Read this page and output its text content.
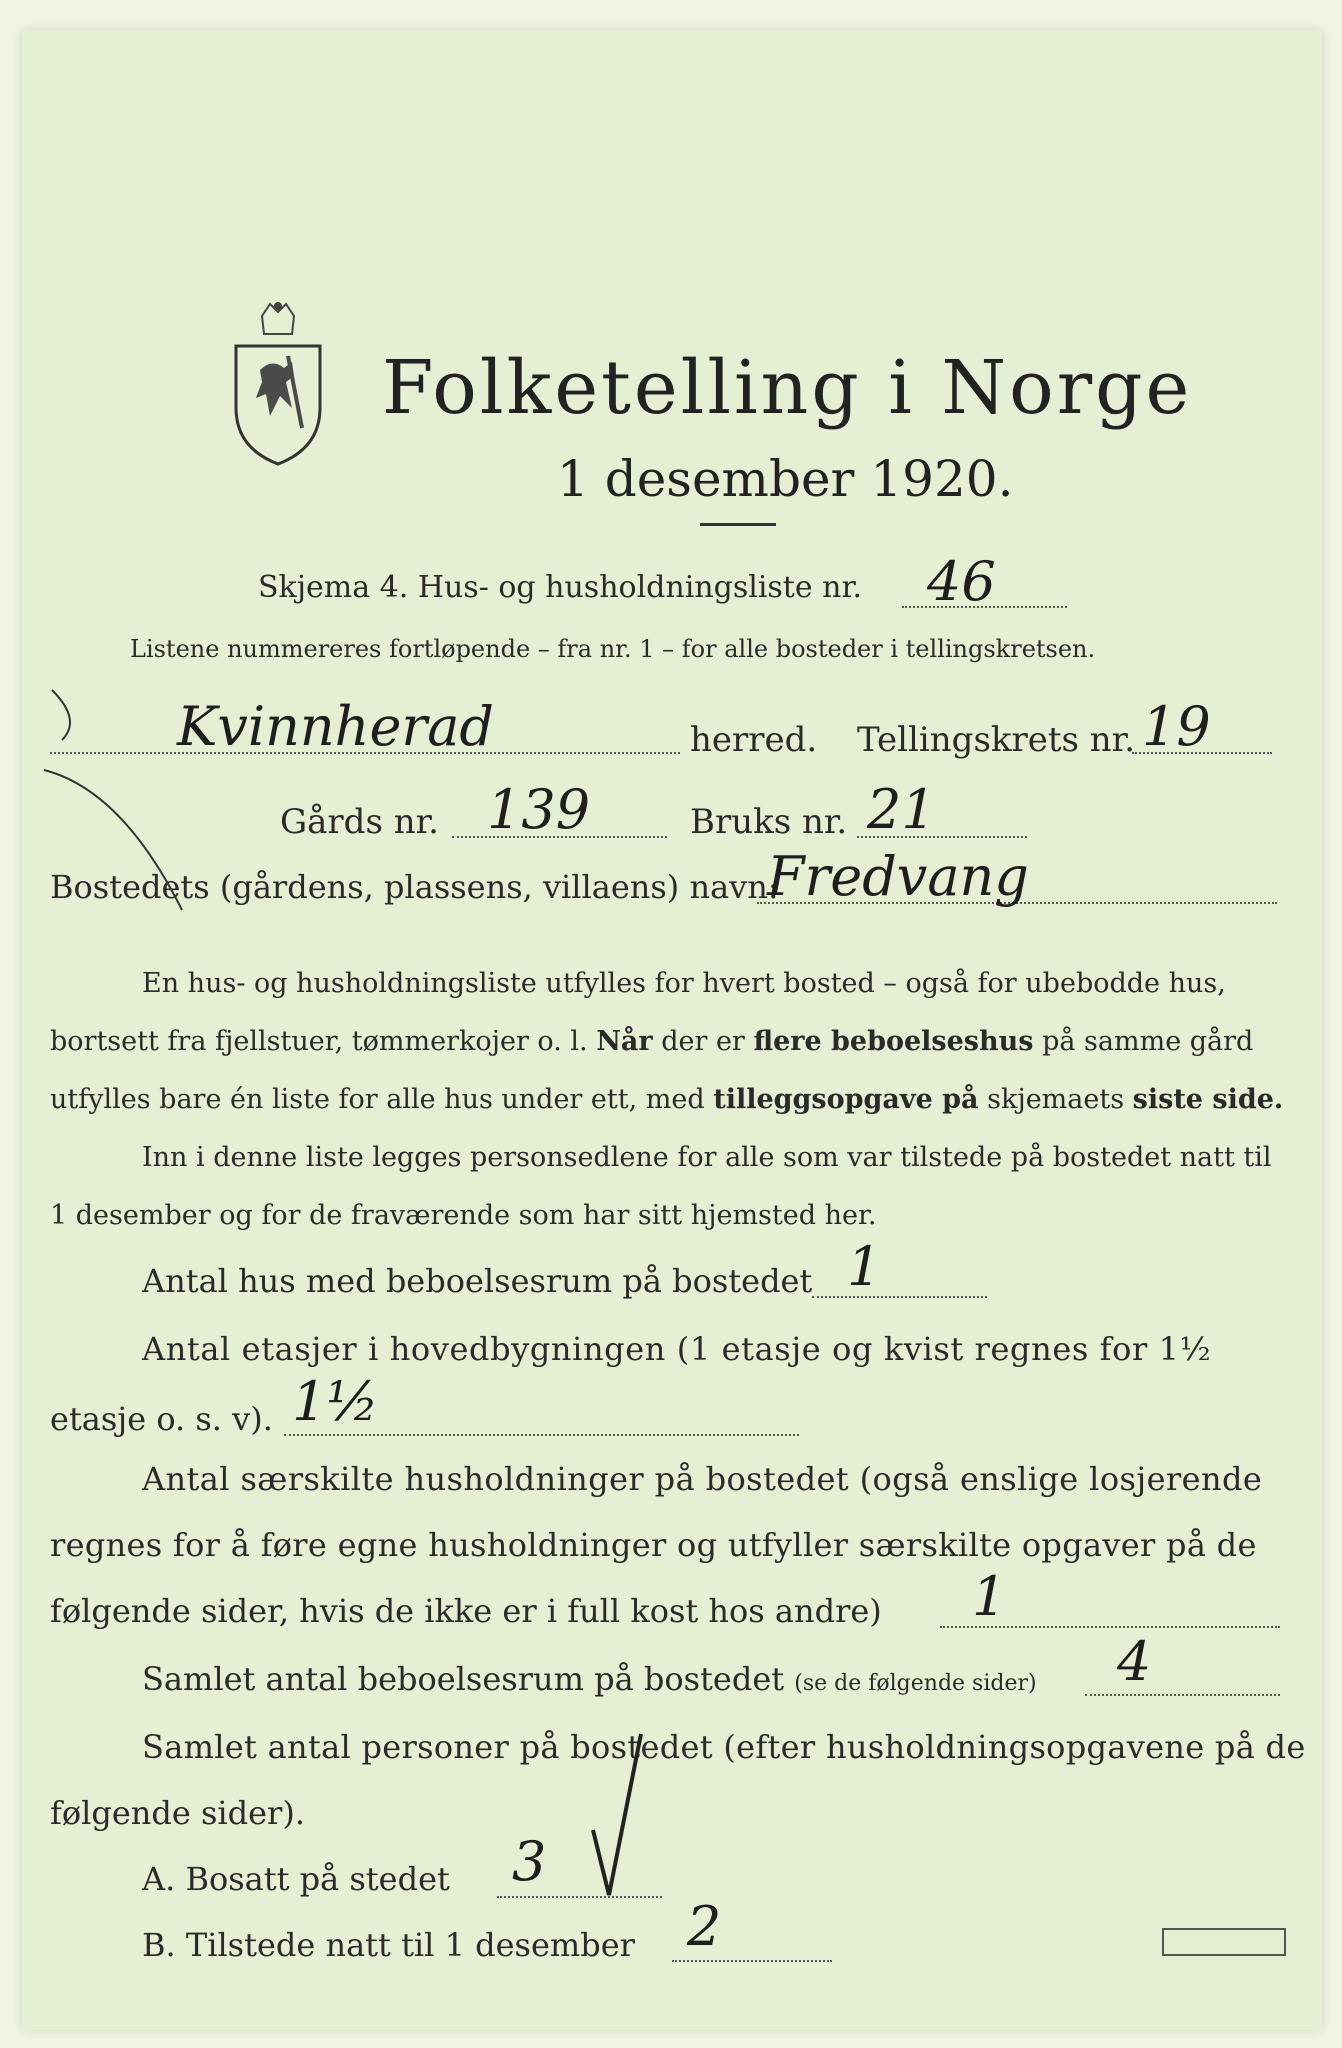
Folketelling i Norge
1 desember 1920.
Skjema 4. Hus- og husholdningsliste nr. 46
Listene nummereres fortløpende – fra nr. 1 – for alle bosteder i tellingskretsen.
Kvinnherad	herred. Tellingskrets nr. 19
Gårds nr. 139	Bruks nr. 21
Bostedets (gårdens, plassens, villaens) navn:
Fredvang
En hus- og husholdningsliste utfylles for hvert bosted – også for ubebodde hus,
bortsett fra fjellstuer, tømmerkojer o. l. Når der er flere beboelseshus på samme gård
utfylles bare én liste for alle hus under ett, med tilleggsopgave på skjemaets siste side.
Inn i denne liste legges personsedlene for alle som var tilstede på bostedet natt til
1 desember og for de fraværende som har sitt hjemsted her.
Antal hus med beboelsesrum på bostedet 1
Antal etasjer i hovedbygningen (1 etasje og kvist regnes for 1½
etasje o. s. v). 1½
Antal særskilte husholdninger på bostedet (også enslige losjerende
regnes for å føre egne husholdninger og utfyller særskilte opgaver på de
følgende sider, hvis de ikke er i full kost hos andre) 1
Samlet antal beboelsesrum på bostedet (se de følgende sider) 4
Samlet antal personer på bostedet (efter husholdningsopgavene på de
følgende sider).
A. Bosatt på stedet 3
B. Tilstede natt til 1 desember 2
